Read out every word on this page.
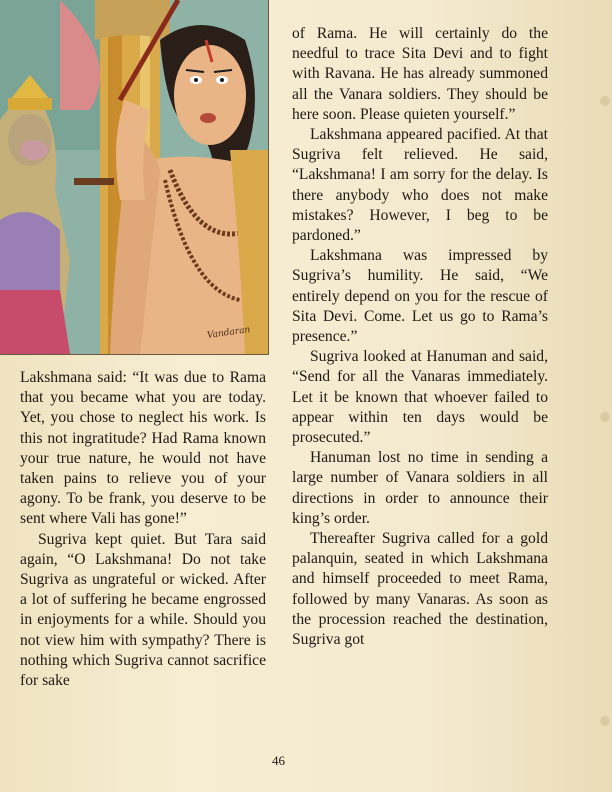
Vandaran

Lakshmana said: “It was due to Rama that you became what you are today. Yet, you chose to neglect his work. Is this not ingratitude? Had Rama known your true nature, he would not have taken pains to relieve you of your agony. To be frank, you deserve to be sent where Vali has gone!”

Sugriva kept quiet. But Tara said again, “O Lakshmana! Do not take Sugriva as ungrateful or wicked. After a lot of suffering he became engrossed in enjoyments for a while. Should you not view him with sympathy? There is nothing which Sugriva cannot sacrifice for sake

of Rama. He will certainly do the needful to trace Sita Devi and to fight with Ravana. He has already summoned all the Vanara soldiers. They should be here soon. Please quieten yourself.”

Lakshmana appeared pacified. At that Sugriva felt relieved. He said, “Lakshmana! I am sorry for the delay. Is there anybody who does not make mistakes? However, I beg to be pardoned.”

Lakshmana was impressed by Sugriva’s humility. He said, “We entirely depend on you for the rescue of Sita Devi. Come. Let us go to Rama’s presence.”

Sugriva looked at Hanuman and said, “Send for all the Vanaras immediately. Let it be known that whoever failed to appear within ten days would be prosecuted.”

Hanuman lost no time in sending a large number of Vanara soldiers in all directions in order to announce their king’s order.

Thereafter Sugriva called for a gold palanquin, seated in which Lakshmana and himself proceeded to meet Rama, followed by many Vanaras. As soon as the procession reached the destination, Sugriva got

46
